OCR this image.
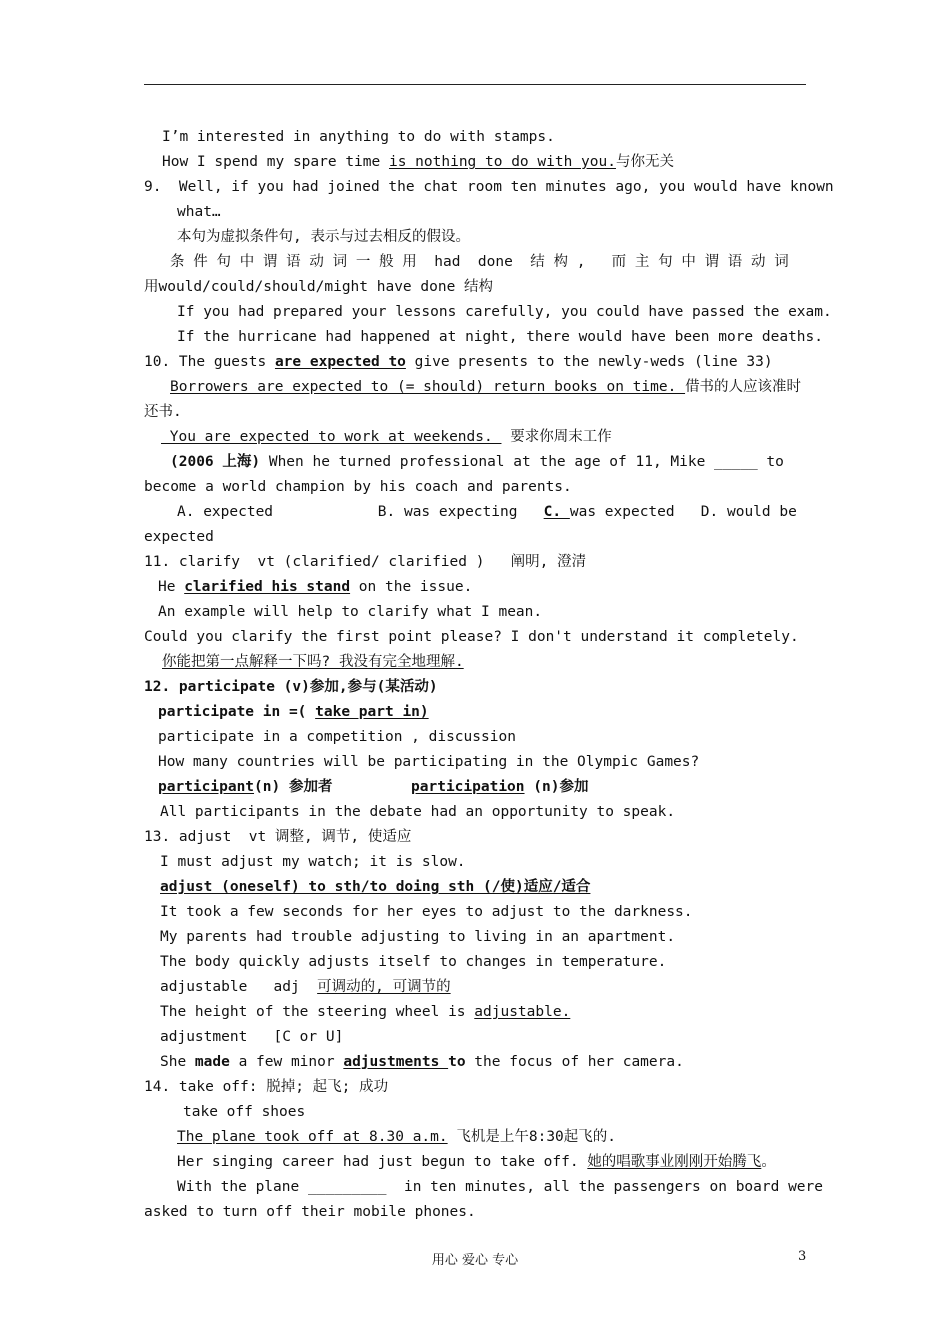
I’m interested in anything to do with stamps.
How I spend my spare time is nothing to do with you.与你无关
9.  Well, if you had joined the chat room ten minutes ago, you would have known
what…
本句为虚拟条件句, 表示与过去相反的假设。
条 件 句 中 谓 语 动 词 一 般 用  had  done  结 构 ,   而 主 句 中 谓 语 动 词
用would/could/should/might have done 结构
If you had prepared your lessons carefully, you could have passed the exam.
If the hurricane had happened at night, there would have been more deaths.
10. The guests are expected to give presents to the newly-weds (line 33)
Borrowers are expected to (= should) return books on time. 借书的人应该准时
还书.
You are expected to work at weekends.  要求你周末工作
(2006 上海) When he turned professional at the age of 11, Mike _____ to
become a world champion by his coach and parents.
A. expected            B. was expecting   C. was expected   D. would be
expected
11. clarify  vt (clarified/ clarified )   阐明, 澄清
He clarified his stand on the issue.
An example will help to clarify what I mean.
Could you clarify the first point please? I don't understand it completely.
你能把第一点解释一下吗? 我没有完全地理解.
12. participate (v)参加,参与(某活动)
participate in =( take part in)
participate in a competition , discussion
How many countries will be participating in the Olympic Games?
participant(n) 参加者         participation (n)参加
All participants in the debate had an opportunity to speak.
13. adjust  vt 调整, 调节, 使适应
I must adjust my watch; it is slow.
adjust (oneself) to sth/to doing sth (/使)适应/适合
It took a few seconds for her eyes to adjust to the darkness.
My parents had trouble adjusting to living in an apartment.
The body quickly adjusts itself to changes in temperature.
adjustable   adj  可调动的, 可调节的
The height of the steering wheel is adjustable.
adjustment   [C or U]
She made a few minor adjustments to the focus of her camera.
14. take off: 脱掉; 起飞; 成功
take off shoes
The plane took off at 8.30 a.m. 飞机是上午8:30起飞的.
Her singing career had just begun to take off. 她的唱歌事业刚刚开始腾飞。
With the plane _________  in ten minutes, all the passengers on board were
asked to turn off their mobile phones.
用心 爱心 专心	3
